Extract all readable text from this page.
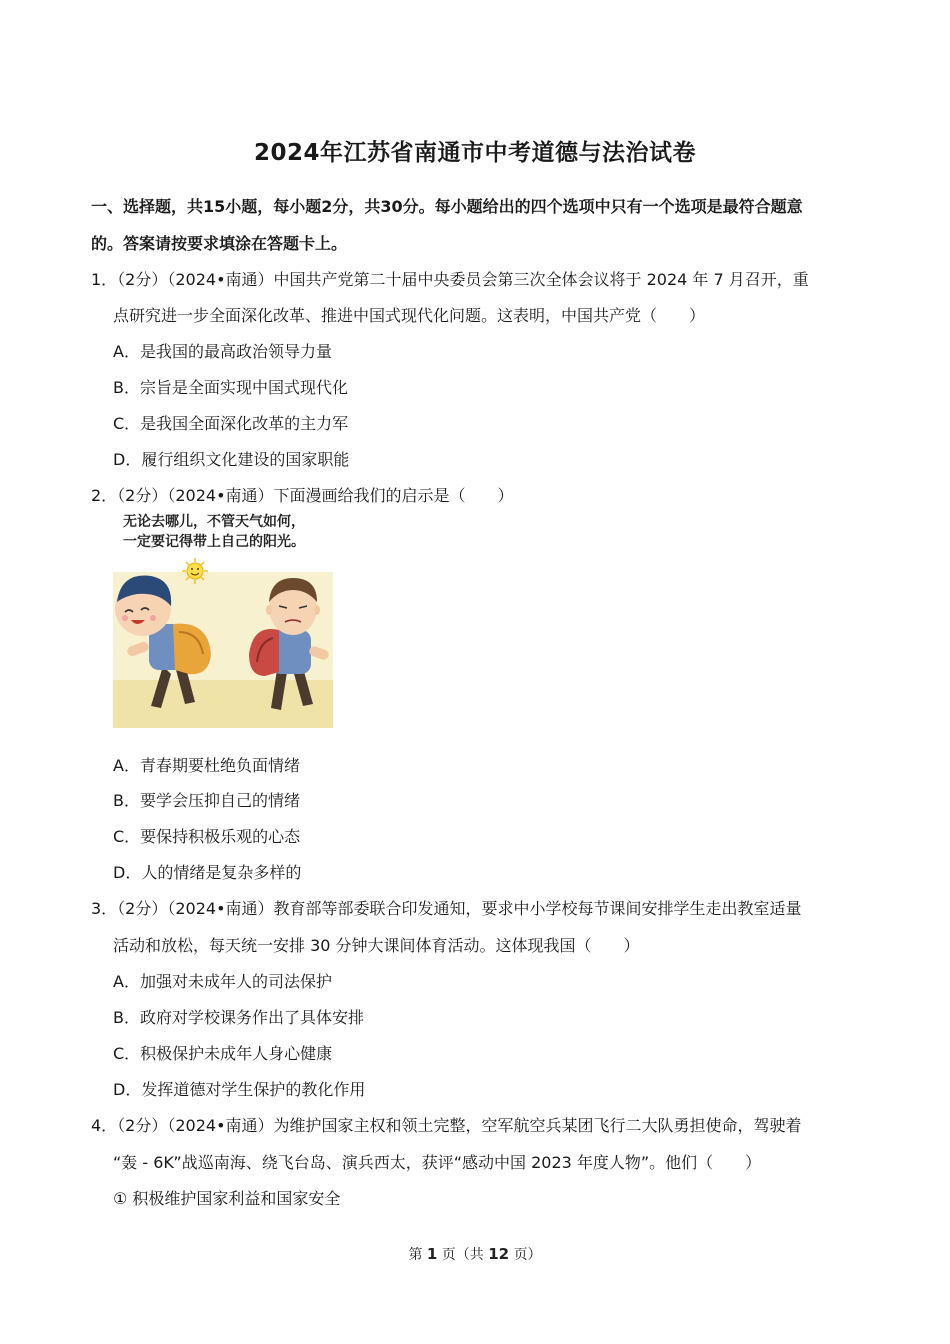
2024年江苏省南通市中考道德与法治试卷
一、选择题，共15小题，每小题2分，共30分。每小题给出的四个选项中只有一个选项是最符合题意
的。答案请按要求填涂在答题卡上。
1．（2分）（2024•南通）中国共产党第二十届中央委员会第三次全体会议将于 2024 年 7 月召开，重
点研究进一步全面深化改革、推进中国式现代化问题。这表明，中国共产党（　　）
A．是我国的最高政治领导力量
B．宗旨是全面实现中国式现代化
C．是我国全面深化改革的主力军
D．履行组织文化建设的国家职能
2．（2分）（2024•南通）下面漫画给我们的启示是（　　）
无论去哪儿，不管天气如何，
一定要记得带上自己的阳光。
A．青春期要杜绝负面情绪
B．要学会压抑自己的情绪
C．要保持积极乐观的心态
D．人的情绪是复杂多样的
3．（2分）（2024•南通）教育部等部委联合印发通知，要求中小学校每节课间安排学生走出教室适量
活动和放松，每天统一安排 30 分钟大课间体育活动。这体现我国（　　）
A．加强对未成年人的司法保护
B．政府对学校课务作出了具体安排
C．积极保护未成年人身心健康
D．发挥道德对学生保护的教化作用
4．（2分）（2024•南通）为维护国家主权和领土完整，空军航空兵某团飞行二大队勇担使命，驾驶着
“轰 - 6K”战巡南海、绕飞台岛、演兵西太，获评“感动中国 2023 年度人物”。他们（　　）
① 积极维护国家利益和国家安全
第 1 页（共 12 页）
